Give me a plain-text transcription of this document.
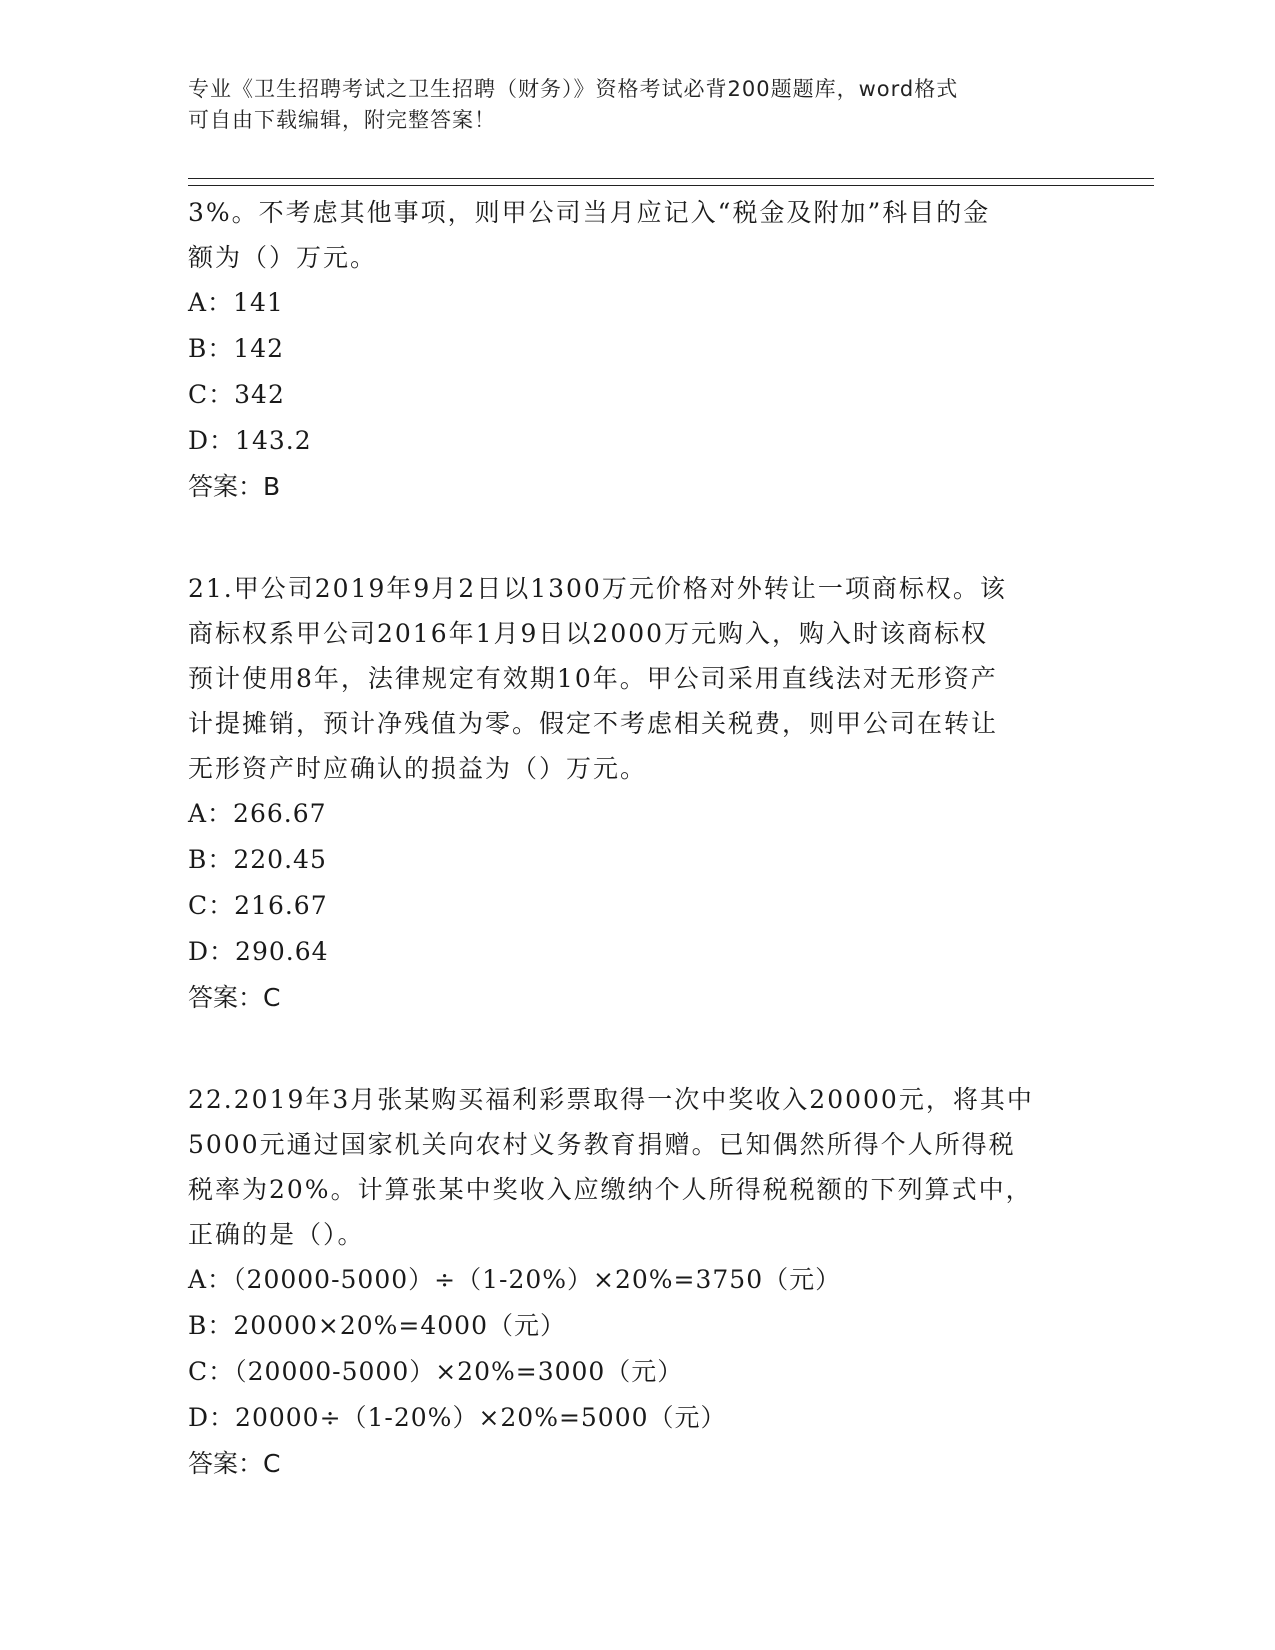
专业《卫生招聘考试之卫生招聘（财务）》资格考试必背200题题库，word格式
可自由下载编辑，附完整答案！

3%。不考虑其他事项，则甲公司当月应记入“税金及附加”科目的金

额为（）万元。

A：141

B：142

C：342

D：143.2

答案：B

21.甲公司2019年9月2日以1300万元价格对外转让一项商标权。该

商标权系甲公司2016年1月9日以2000万元购入，购入时该商标权

预计使用8年，法律规定有效期10年。甲公司采用直线法对无形资产

计提摊销，预计净残值为零。假定不考虑相关税费，则甲公司在转让

无形资产时应确认的损益为（）万元。

A：266.67

B：220.45

C：216.67

D：290.64

答案：C

22.2019年3月张某购买福利彩票取得一次中奖收入20000元，将其中

5000元通过国家机关向农村义务教育捐赠。已知偶然所得个人所得税

税率为20%。计算张某中奖收入应缴纳个人所得税税额的下列算式中，

正确的是（）。

A：（20000-5000）÷（1-20%）×20%=3750（元）

B：20000×20%=4000（元）

C：（20000-5000）×20%=3000（元）

D：20000÷（1-20%）×20%=5000（元）

答案：C
